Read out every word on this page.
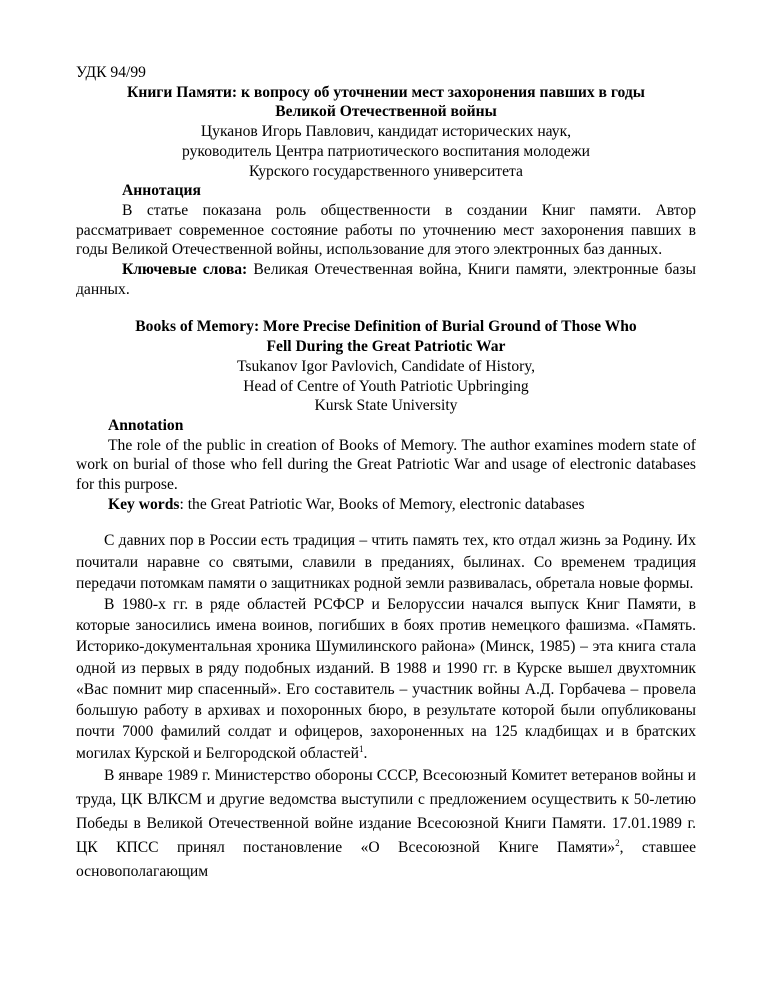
УДК 94/99
Книги Памяти: к вопросу об уточнении мест захоронения павших в годы
Великой Отечественной войны
Цуканов Игорь Павлович, кандидат исторических наук,
руководитель Центра патриотического воспитания молодежи
Курского государственного университета
Аннотация

В статье показана роль общественности в создании Книг памяти. Автор рассматривает современное состояние работы по уточнению мест захоронения павших в годы Великой Отечественной войны, использование для этого электронных баз данных.

Ключевые слова: Великая Отечественная война, Книги памяти, электронные базы данных.

Books of Memory: More Precise Definition of Burial Ground of Those Who
Fell During the Great Patriotic War
Tsukanov Igor Pavlovich, Candidate of History,
Head of Centre of Youth Patriotic Upbringing
Kursk State University
Annotation

The role of the public in creation of Books of Memory. The author examines modern state of work on burial of those who fell during the Great Patriotic War and usage of electronic databases for this purpose.

Key words: the Great Patriotic War, Books of Memory, electronic databases

С давних пор в России есть традиция – чтить память тех, кто отдал жизнь за Родину. Их почитали наравне со святыми, славили в преданиях, былинах. Со временем традиция передачи потомкам памяти о защитниках родной земли развивалась, обретала новые формы.

В 1980-х гг. в ряде областей РСФСР и Белоруссии начался выпуск Книг Памяти, в которые заносились имена воинов, погибших в боях против немецкого фашизма. «Память. Историко-документальная хроника Шумилинского района» (Минск, 1985) – эта книга стала одной из первых в ряду подобных изданий. В 1988 и 1990 гг. в Курске вышел двухтомник «Вас помнит мир спасенный». Его составитель – участник войны А.Д. Горбачева – провела большую работу в архивах и похоронных бюро, в результате которой были опубликованы почти 7000 фамилий солдат и офицеров, захороненных на 125 кладбищах и в братских могилах Курской и Белгородской областей$^1$.

В январе 1989 г. Министерство обороны СССР, Всесоюзный Комитет ветеранов войны и труда, ЦК ВЛКСМ и другие ведомства выступили с предложением осуществить к 50-летию Победы в Великой Отечественной войне издание Всесоюзной Книги Памяти. 17.01.1989 г. ЦК КПСС принял постановление «О Всесоюзной Книге Памяти»$^2$, ставшее основополагающим
